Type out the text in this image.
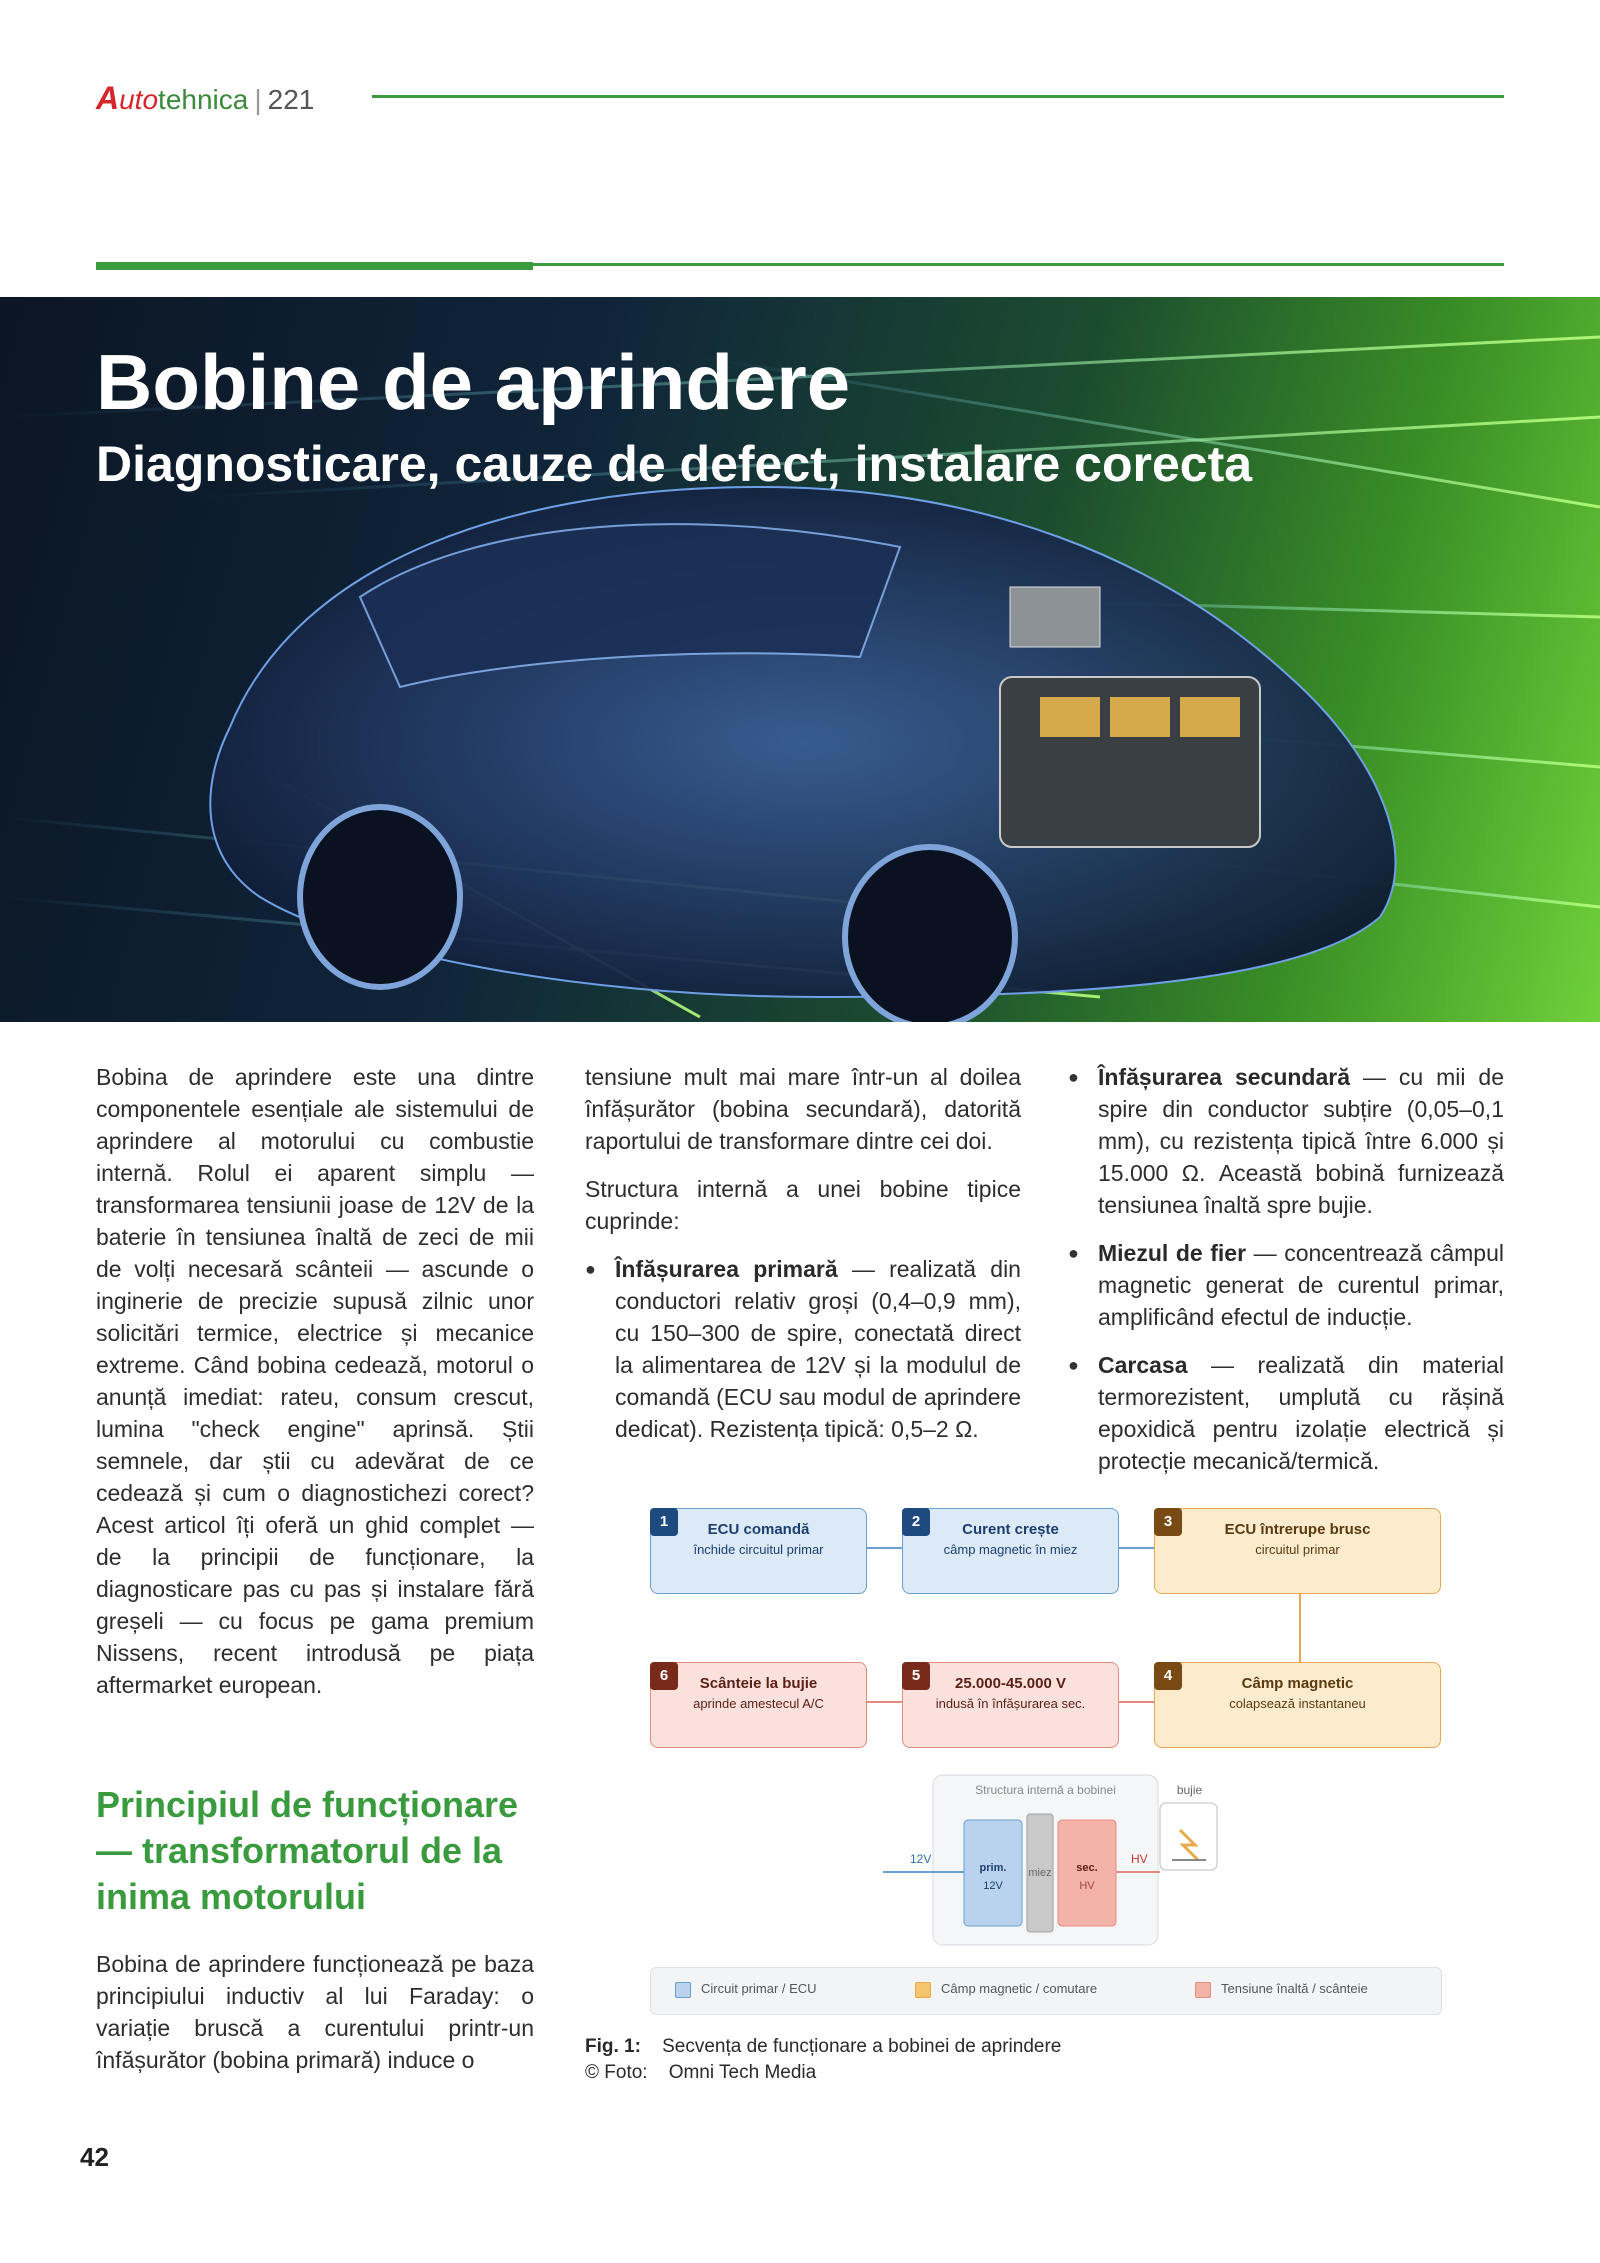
Autotehnica | 221
Bobine de aprindere
Diagnosticare, cauze de defect, instalare corecta

Bobina de aprindere este una dintre componentele esențiale ale sistemului de aprindere al motorului cu combustie internă. Rolul ei aparent simplu — transformarea tensiunii joase de 12V de la baterie în tensiunea înaltă de zeci de mii de volți necesară scânteii — ascunde o inginerie de precizie supusă zilnic unor solicitări termice, electrice și mecanice extreme. Când bobina cedează, motorul o anunță imediat: rateu, consum crescut, lumina "check engine" aprinsă. Știi semnele, dar știi cu adevărat de ce cedează și cum o diagnostichezi corect? Acest articol îți oferă un ghid complet — de la principii de funcționare, la diagnosticare pas cu pas și instalare fără greșeli — cu focus pe gama premium Nissens, recent introdusă pe piața aftermarket european.

Principiul de funcționare — transformatorul de la inima motorului

Bobina de aprindere funcționează pe baza principiului inductiv al lui Faraday: o variație bruscă a curentului printr-un înfășurător (bobina primară) induce o

tensiune mult mai mare într-un al doilea înfășurător (bobina secundară), datorită raportului de transformare dintre cei doi.

Structura internă a unei bobine tipice cuprinde:

● Înfășurarea primară — realizată din conductori relativ groși (0,4–0,9 mm), cu 150–300 de spire, conectată direct la alimentarea de 12V și la modulul de comandă (ECU sau modul de aprindere dedicat). Rezistența tipică: 0,5–2 Ω.
● Înfășurarea secundară — cu mii de spire din conductor subțire (0,05–0,1 mm), cu rezistența tipică între 6.000 și 15.000 Ω. Această bobină furnizează tensiunea înaltă spre bujie.
● Miezul de fier — concentrează câmpul magnetic generat de curentul primar, amplificând efectul de inducție.
● Carcasa — realizată din material termorezistent, umplută cu rășină epoxidică pentru izolație electrică și protecție mecanică/termică.
ECU comandă
închide circuitul primar
1	Curent crește
câmp magnetic în miez
2	ECU întrerupe brusc
circuitul primar
3
Câmp magnetic
colapsează instantaneu
4
25.000-45.000 V
indusă în înfășurarea sec.
5
Scânteie la bujie
aprinde amestecul A/C
6
Structura internă a bobinei	bujie
12V
prim.
12V
miez	sec.
HV
HV
Circuit primar / ECU	Câmp magnetic / comutare	Tensiune înaltă / scânteie
Fig. 1: Secvența de funcționare a bobinei de aprindere
© Foto: Omni Tech Media
42
